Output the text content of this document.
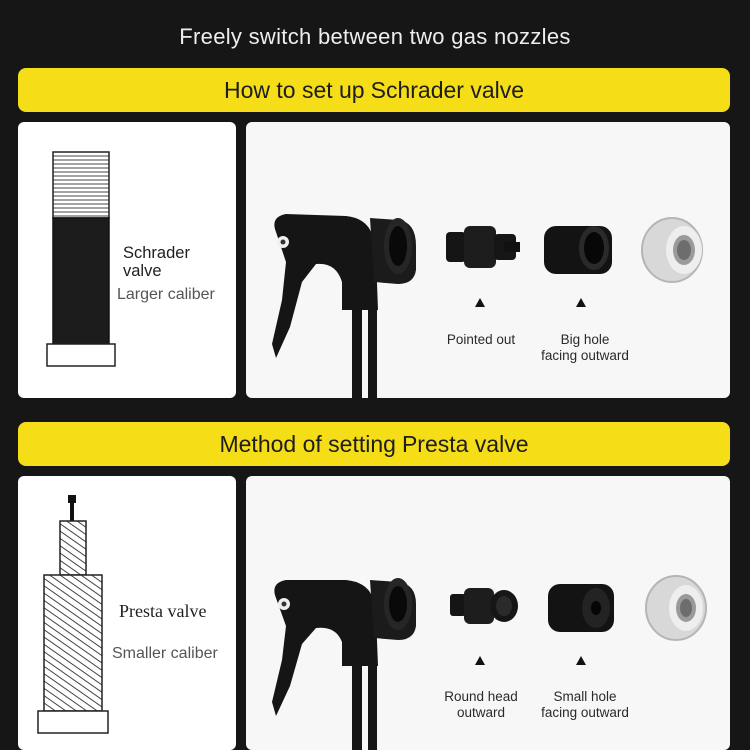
Freely switch between two gas nozzles
How to set up Schrader valve
Schrader
valve
Larger caliber
Pointed out	Big hole
facing outward
Method of setting Presta valve
Presta valve
Smaller caliber
Round head
outward
Small hole
facing outward
